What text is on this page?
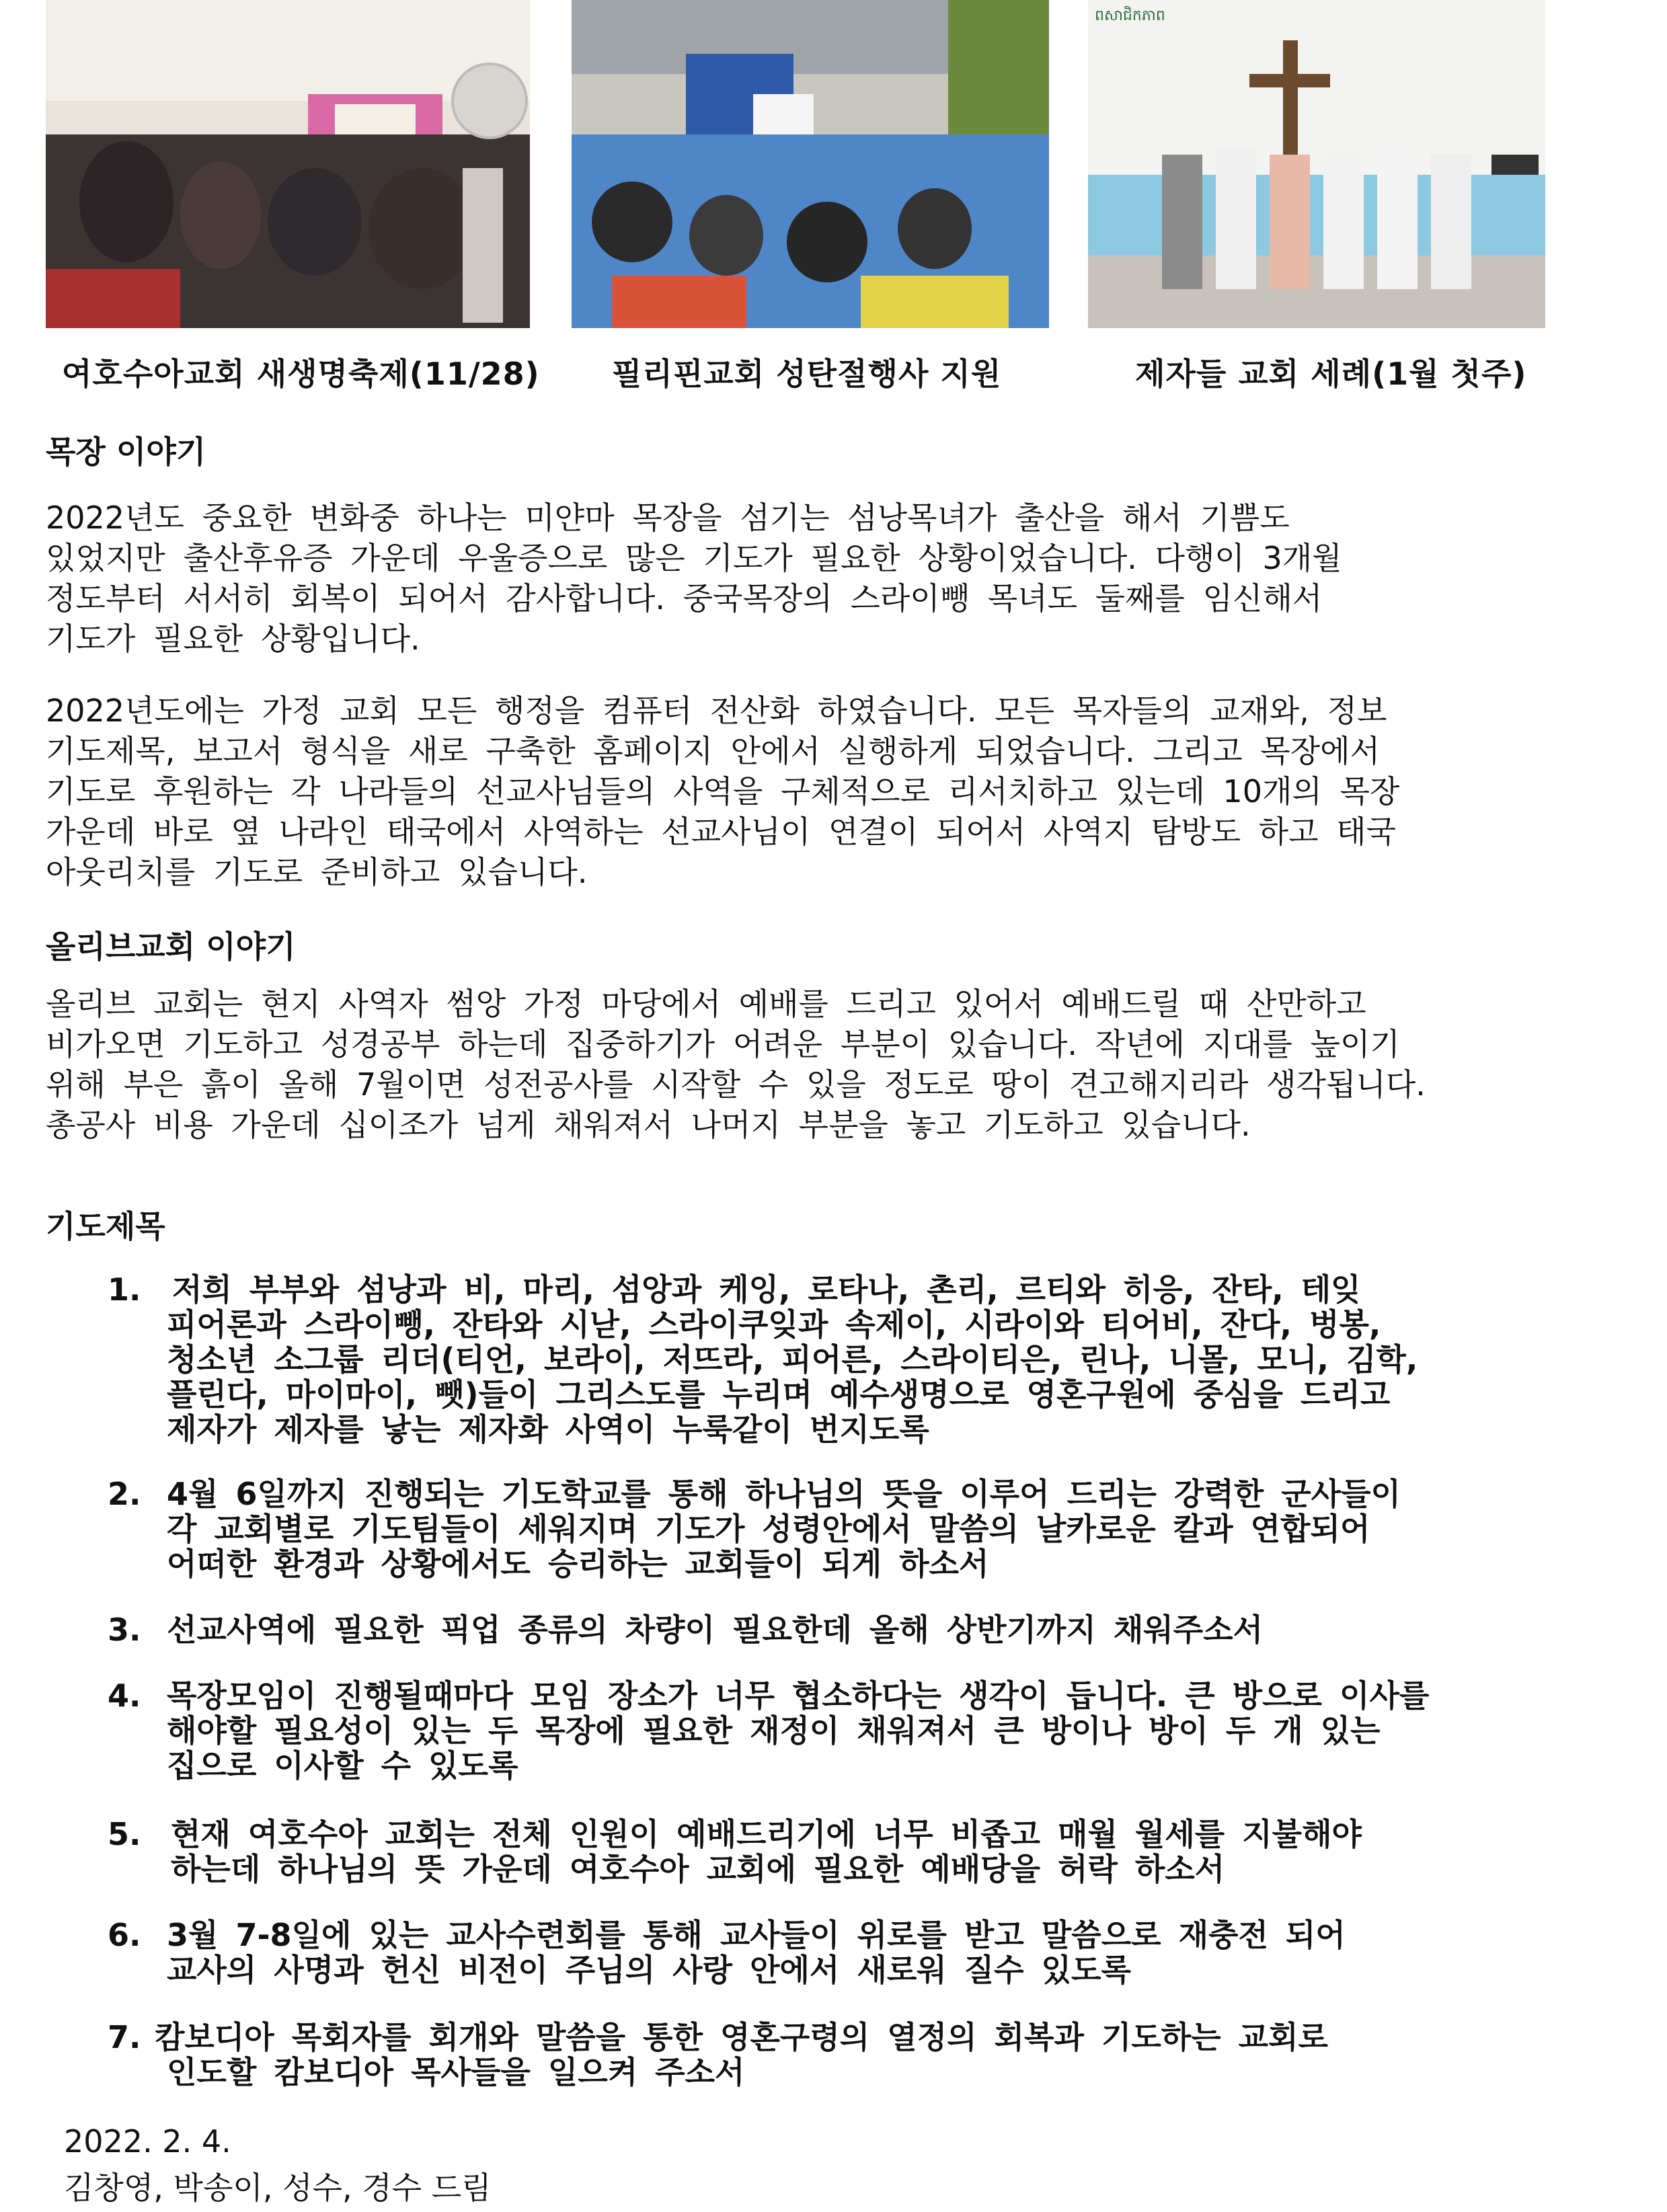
ពសាជិកភាព
여호수아교회 새생명축제(11/28) 필리핀교회 성탄절행사 지원	제자들 교회 세례(1월 첫주)
목장 이야기
2022년도 중요한 변화중 하나는 미얀마 목장을 섬기는 섬낭목녀가 출산을 해서 기쁨도
있었지만 출산후유증 가운데 우울증으로 많은 기도가 필요한 상황이었습니다. 다행이 3개월
정도부터 서서히 회복이 되어서 감사합니다. 중국목장의 스라이뺑 목녀도 둘째를 임신해서
기도가 필요한 상황입니다.
2022년도에는 가정 교회 모든 행정을 컴퓨터 전산화 하였습니다. 모든 목자들의 교재와, 정보
기도제목, 보고서 형식을 새로 구축한 홈페이지 안에서 실행하게 되었습니다. 그리고 목장에서
기도로 후원하는 각 나라들의 선교사님들의 사역을 구체적으로 리서치하고 있는데 10개의 목장
가운데 바로 옆 나라인 태국에서 사역하는 선교사님이 연결이 되어서 사역지 탐방도 하고 태국
아웃리치를 기도로 준비하고 있습니다.
올리브교회 이야기
올리브 교회는 현지 사역자 썸앙 가정 마당에서 예배를 드리고 있어서 예배드릴 때 산만하고
비가오면 기도하고 성경공부 하는데 집중하기가 어려운 부분이 있습니다. 작년에 지대를 높이기
위해 부은 흙이 올해 7월이면 성전공사를 시작할 수 있을 정도로 땅이 견고해지리라 생각됩니다.
총공사 비용 가운데 십이조가 넘게 채워져서 나머지 부분을 놓고 기도하고 있습니다.
기도제목
1. 저희 부부와 섬낭과 비, 마리, 섬앙과 케잉, 로타나, 촌리, 르티와 히응, 잔타, 테잊
피어론과 스라이뺑, 잔타와 시낟, 스라이쿠잊과 속제이, 시라이와 티어비, 잔다, 벙봉,
청소년 소그룹 리더(티언, 보라이, 저뜨라, 피어른, 스라이티은, 린나, 니몰, 모니, 김학,
플린다, 마이마이, 뺏)들이 그리스도를 누리며 예수생명으로 영혼구원에 중심을 드리고
제자가 제자를 낳는 제자화 사역이 누룩같이 번지도록
2. 4월 6일까지 진행되는 기도학교를 통해 하나님의 뜻을 이루어 드리는 강력한 군사들이
각 교회별로 기도팀들이 세워지며 기도가 성령안에서 말씀의 날카로운 칼과 연합되어
어떠한 환경과 상황에서도 승리하는 교회들이 되게 하소서
3. 선교사역에 필요한 픽업 종류의 차량이 필요한데 올해 상반기까지 채워주소서
4. 목장모임이 진행될때마다 모임 장소가 너무 협소하다는 생각이 듭니다. 큰 방으로 이사를
해야할 필요성이 있는 두 목장에 필요한 재정이 채워져서 큰 방이나 방이 두 개 있는
집으로 이사할 수 있도록
5. 현재 여호수아 교회는 전체 인원이 예배드리기에 너무 비좁고 매월 월세를 지불해야
하는데 하나님의 뜻 가운데 여호수아 교회에 필요한 예배당을 허락 하소서
6. 3월 7-8일에 있는 교사수련회를 통해 교사들이 위로를 받고 말씀으로 재충전 되어
교사의 사명과 헌신 비전이 주님의 사랑 안에서 새로워 질수 있도록
7. 캄보디아 목회자를 회개와 말씀을 통한 영혼구령의 열정의 회복과 기도하는 교회로
인도할 캄보디아 목사들을 일으켜 주소서
2022. 2. 4.
김창영, 박송이, 성수, 경수 드림
